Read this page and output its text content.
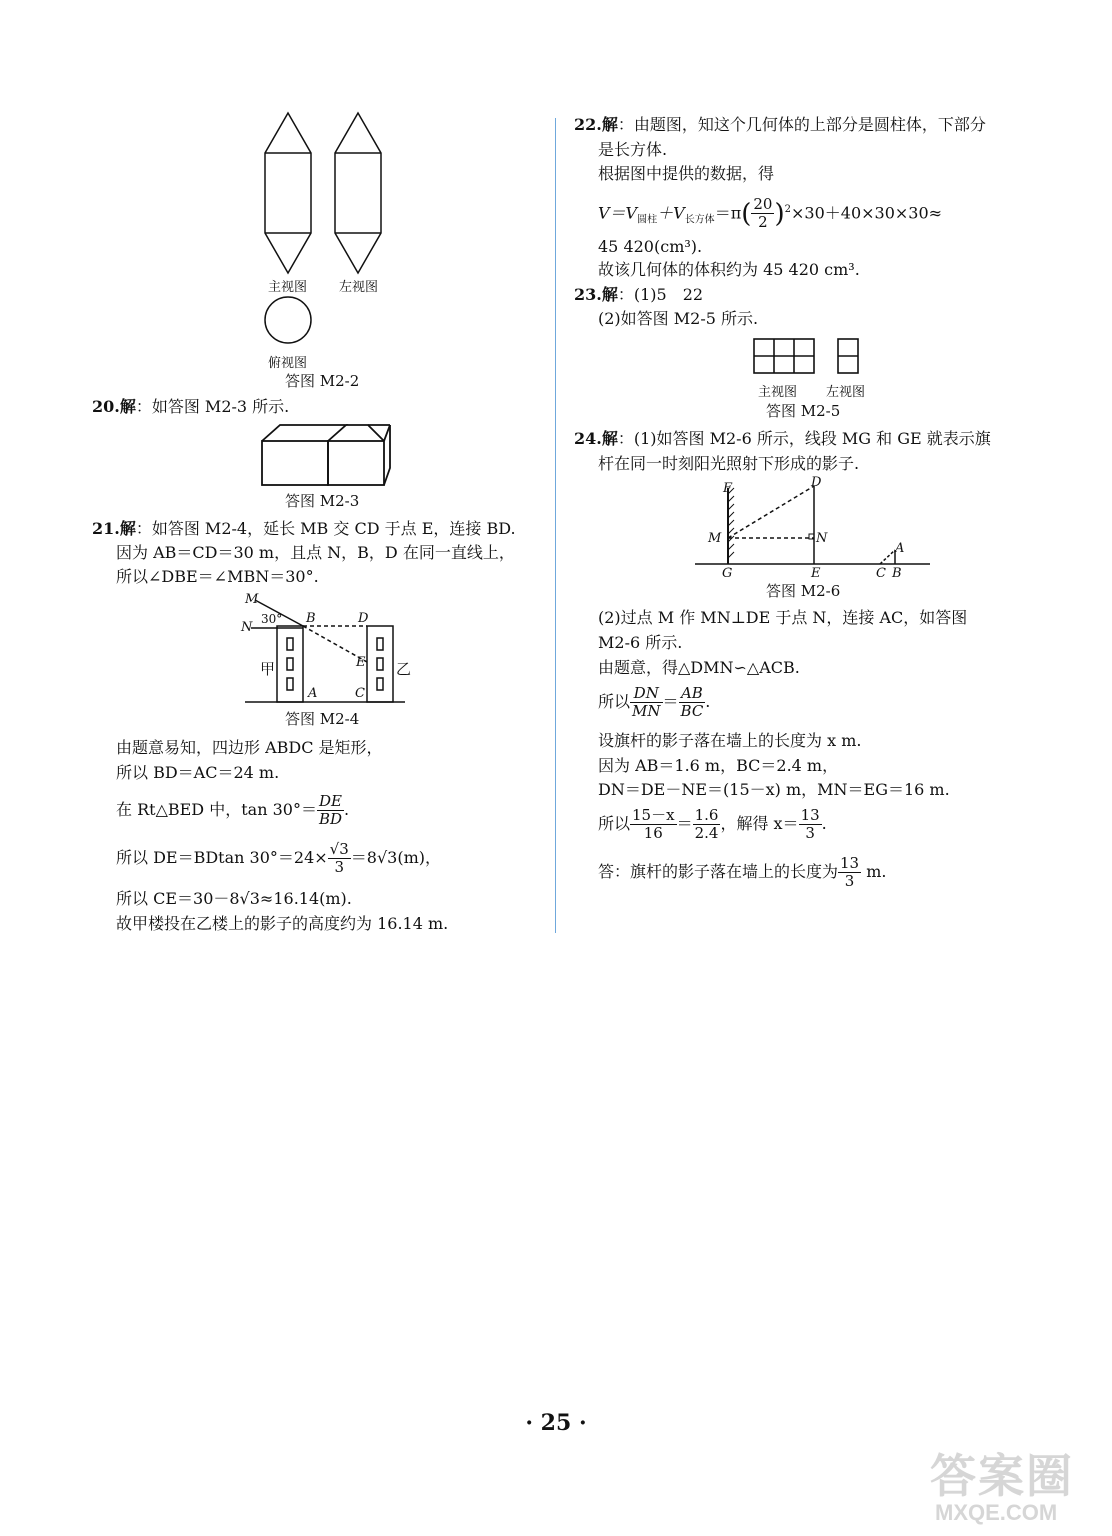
主视图 左视图
俯视图
答图 M2-2
20.解：如答图 M2-3 所示.
答图 M2-3
21.解：如答图 M2-4，延长 MB 交 CD 于点 E，连接 BD.
因为 AB＝CD＝30 m，且点 N，B，D 在同一直线上，
所以∠DBE＝∠MBN＝30°.
M
N
30° B	D
E
A	C
甲	乙
答图 M2-4
由题意易知，四边形 ABDC 是矩形，
所以 BD＝AC＝24 m.
在 Rt△BED 中，$\tan 30^\circ= \frac{DE}{BD}$ .
所以 DE＝BDtan $30^\circ=24\times \frac{√3}{3} =8√3(m)$，
所以 CE＝30－8√3≈16.14(m).
故甲楼投在乙楼上的影子的高度约为 16.14 m.
22.解：由题图，知这个几何体的上部分是圆柱体，下部分
是长方体.
根据图中提供的数据，得
$V=V_{圆柱}+V_{长方体}=\pi( \frac{20}{2} )^2\times 30+40\times 30\times 30\approx$
45 420(cm³).
故该几何体的体积约为 45 420 cm³.
23.解：(1)5　22
(2)如答图 M2-5 所示.
主视图 左视图
答图 M2-5
24.解：(1)如答图 M2-6 所示，线段 MG 和 GE 就表示旗
杆在同一时刻阳光照射下形成的影子.
F	D
M	N
G	E
A
C B
答图 M2-6
(2)过点 M 作 MN⊥DE 于点 N，连接 AC，如答图
M2-6 所示.
由题意，得△DMN∽△ACB.
所以 $\frac{DN}{MN} = \frac{AB}{BC}$ .
设旗杆的影子落在墙上的长度为 x m.
因为 AB＝1.6 m，BC＝2.4 m，
DN＝DE－NE＝(15－x) m，MN＝EG＝16 m.
所以 $\frac{15-x}{16} = \frac{1.6}{2.4}$ ，解得 $x= \frac{13}{3}$ .
答：旗杆的影子落在墙上的长度为 $\frac{13}{3} m$.
· 25 ·
答案圈
MXQE.COM
